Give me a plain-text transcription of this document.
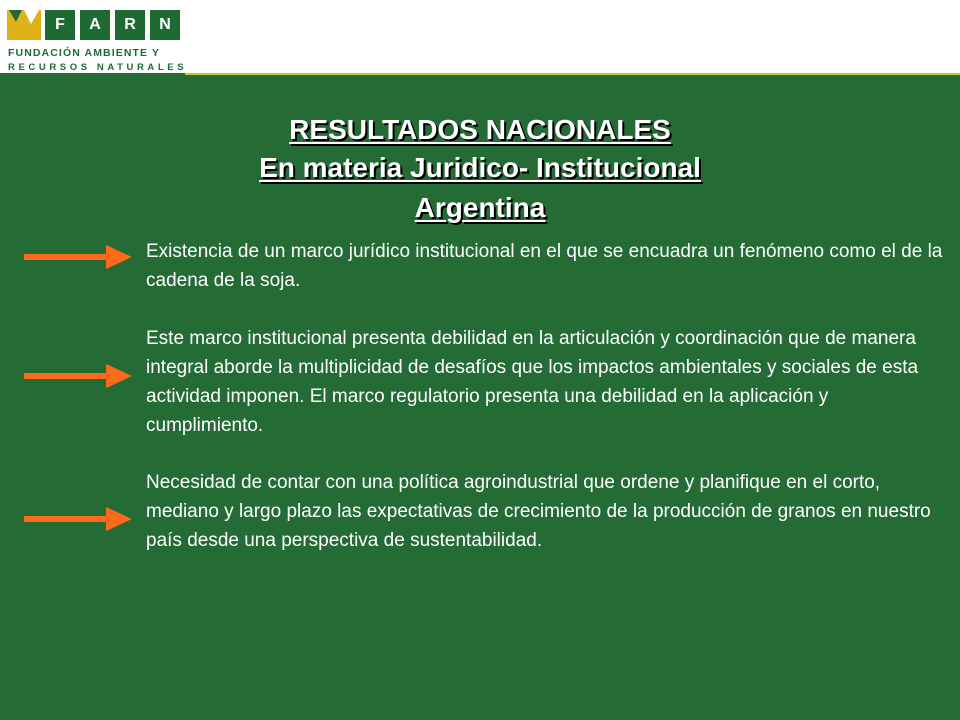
F	A	R	N
FUNDACIÓN AMBIENTE Y
RECURSOS NATURALES
RESULTADOS NACIONALES
En materia Juridico- Institucional
Argentina
Existencia de un marco jurídico institucional en el que se encuadra un fenómeno como el de la cadena de la soja.
Este marco institucional presenta debilidad en la articulación y coordinación que de manera integral aborde la multiplicidad de desafíos que los impactos ambientales y sociales de esta actividad imponen. El marco regulatorio presenta una debilidad en la aplicación y cumplimiento.
Necesidad de contar con una política agroindustrial que ordene y planifique en el corto, mediano y largo plazo las expectativas de crecimiento de la producción de granos en nuestro país desde una perspectiva de sustentabilidad.
